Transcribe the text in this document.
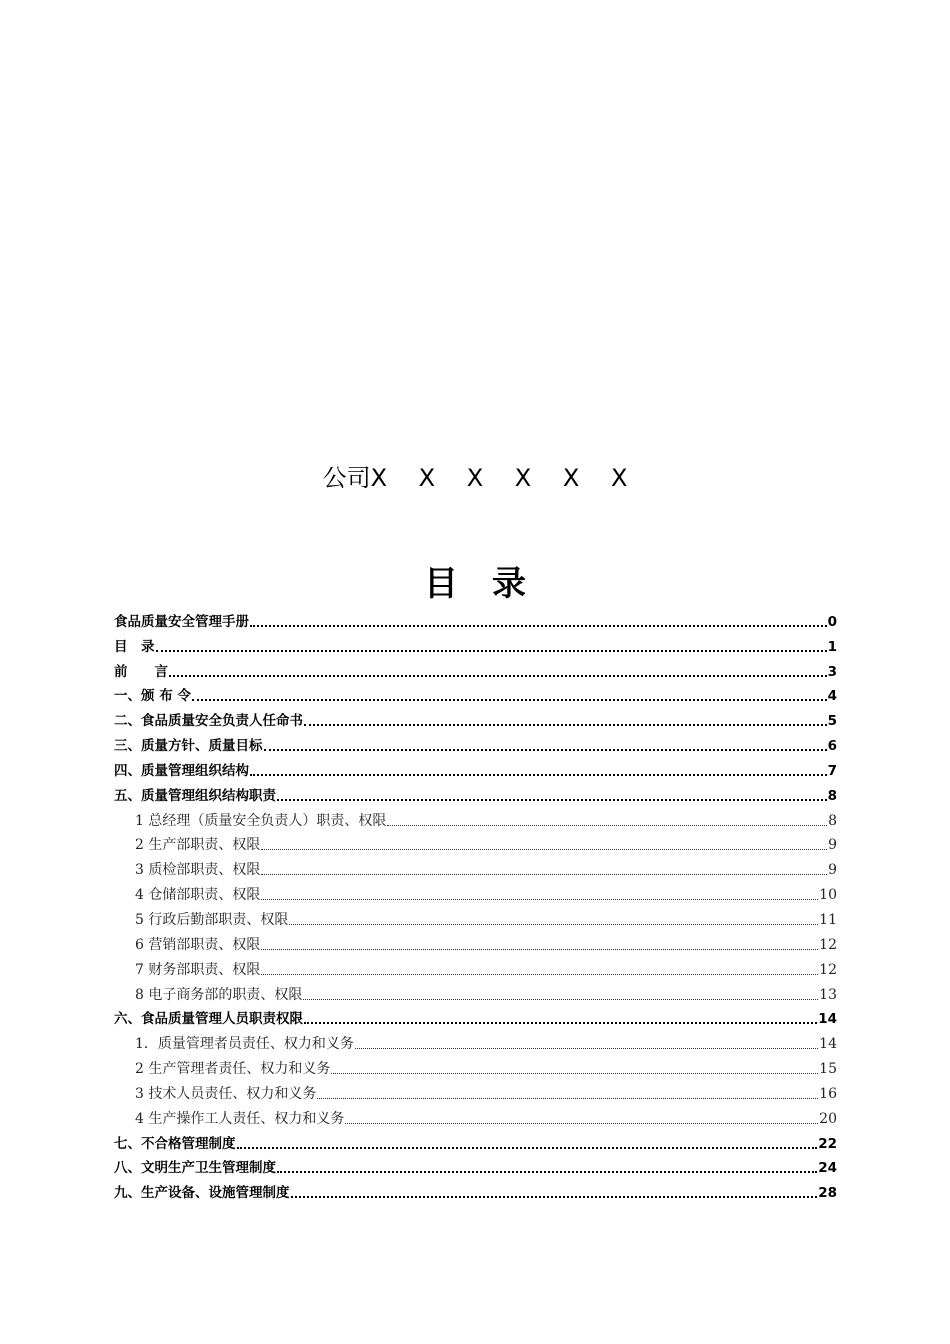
公司X　 X　 X　 X　 X　 X
目　录
食品质量安全管理手册	0
目　录	1
前　　言	3
一、颁 布 令	4
二、食品质量安全负责人任命书	5
三、质量方针、质量目标	6
四、质量管理组织结构	7
五、质量管理组织结构职责	8
1 总经理（质量安全负责人）职责、权限	8
2 生产部职责、权限	9
3 质检部职责、权限	9
4 仓储部职责、权限	10
5 行政后勤部职责、权限	11
6 营销部职责、权限	12
7 财务部职责、权限	12
8 电子商务部的职责、权限	13
六、食品质量管理人员职责权限	14
1．质量管理者员责任、权力和义务	14
2 生产管理者责任、权力和义务	15
3 技术人员责任、权力和义务	16
4 生产操作工人责任、权力和义务	20
七、不合格管理制度	22
八、文明生产卫生管理制度	24
九、生产设备、设施管理制度	28
